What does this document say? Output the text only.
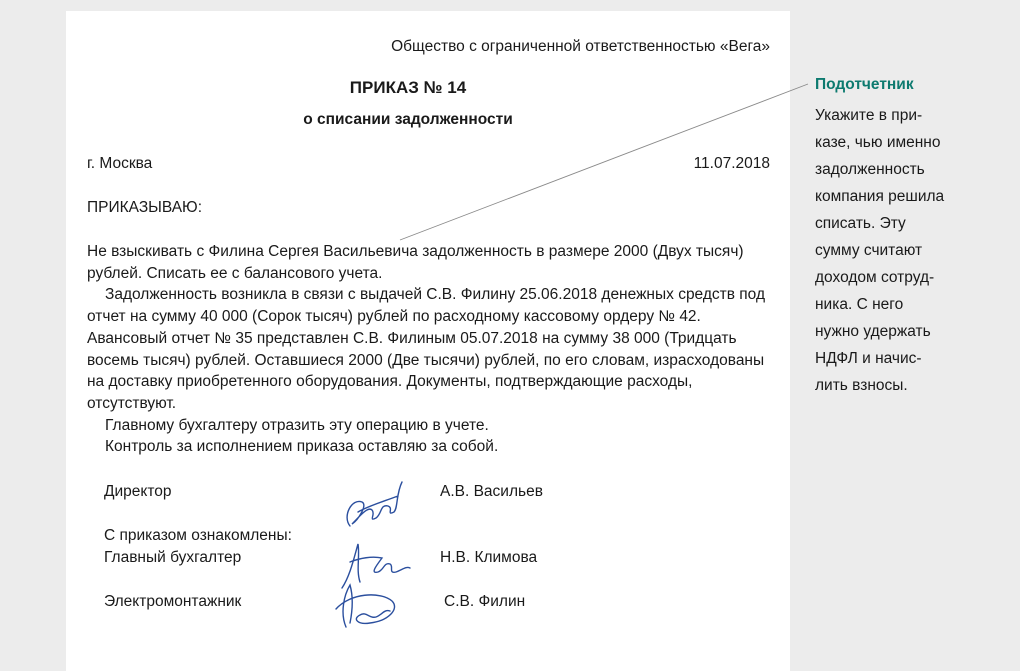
Общество с ограниченной ответственностью «Вега»
ПРИКАЗ № 14
о списании задолженности
г. Москва	11.07.2018
ПРИКАЗЫВАЮ:

Не взыскивать с Филина Сергея Васильевича задолженность в размере 2000 (Двух тысяч) рублей. Списать ее с балансового учета.

Задолженность возникла в связи с выдачей С.В. Филину 25.06.2018 денежных средств под отчет на сумму 40 000 (Сорок тысяч) рублей по расходному кассовому ордеру № 42. Авансовый отчет № 35 представлен С.В. Филиным 05.07.2018 на сумму 38 000 (Тридцать восемь тысяч) рублей. Оставшиеся 2000 (Две тысячи) рублей, по его словам, израсходованы на доставку приобретенного оборудования. Документы, подтверждающие расходы, отсутствуют.

Главному бухгалтеру отразить эту операцию в учете.

Контроль за исполнением приказа оставляю за собой.

Директор	А.В. Васильев
С приказом ознакомлены:
Главный бухгалтер	Н.В. Климова
Электромонтажник	С.В. Филин
Подотчетник
Укажите в при-
казе, чью именно
задолженность
компания решила
списать. Эту
сумму считают
доходом сотруд-
ника. С него
нужно удержать
НДФЛ и начис-
лить взносы.
